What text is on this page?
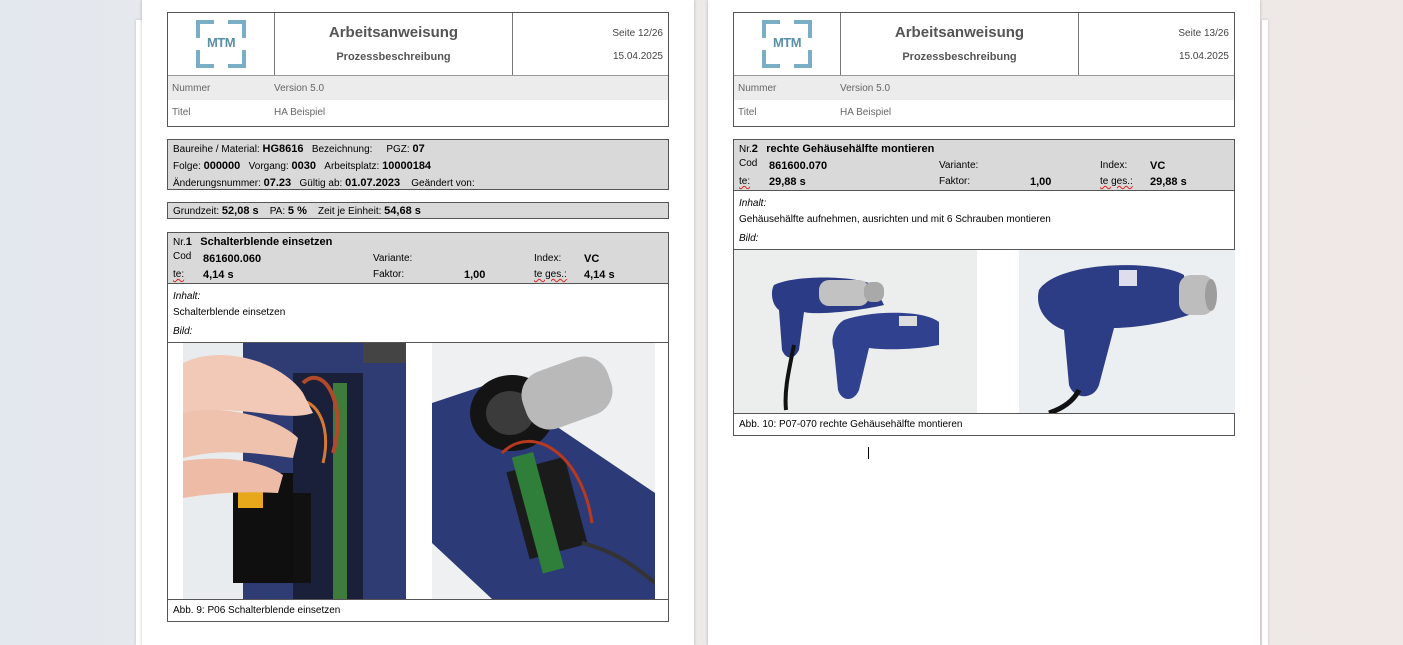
MTM
Arbeitsanweisung
Prozessbeschreibung
Seite 12/26
15.04.2025
Nummer	Version 5.0
Titel	HA Beispiel
Baureihe / Material: HG8616 Bezeichnung: PGZ: 07
Folge: 000000 Vorgang: 0030 Arbeitsplatz: 10000184
Änderungsnummer: 07.23 Gültig ab: 01.07.2023 Geändert von:
Grundzeit: 52,08 s PA: 5 % Zeit je Einheit: 54,68 s
Nr.1 Schalterblende einsetzen
Cod 861600.060	Variante:	Index: VC
te: 4,14 s	Faktor:	1,00	te ges.: 4,14 s
Inhalt:
Schalterblende einsetzen
Bild:
Abb. 9: P06 Schalterblende einsetzen
MTM
Arbeitsanweisung
Prozessbeschreibung
Seite 13/26
15.04.2025
Nummer	Version 5.0
Titel	HA Beispiel
Nr.2 rechte Gehäusehälfte montieren
Cod 861600.070	Variante:	Index: VC
te: 29,88 s	Faktor:	1,00	te ges.: 29,88 s
Inhalt:
Gehäusehälfte aufnehmen, ausrichten und mit 6 Schrauben montieren
Bild:
Abb. 10: P07-070 rechte Gehäusehälfte montieren
